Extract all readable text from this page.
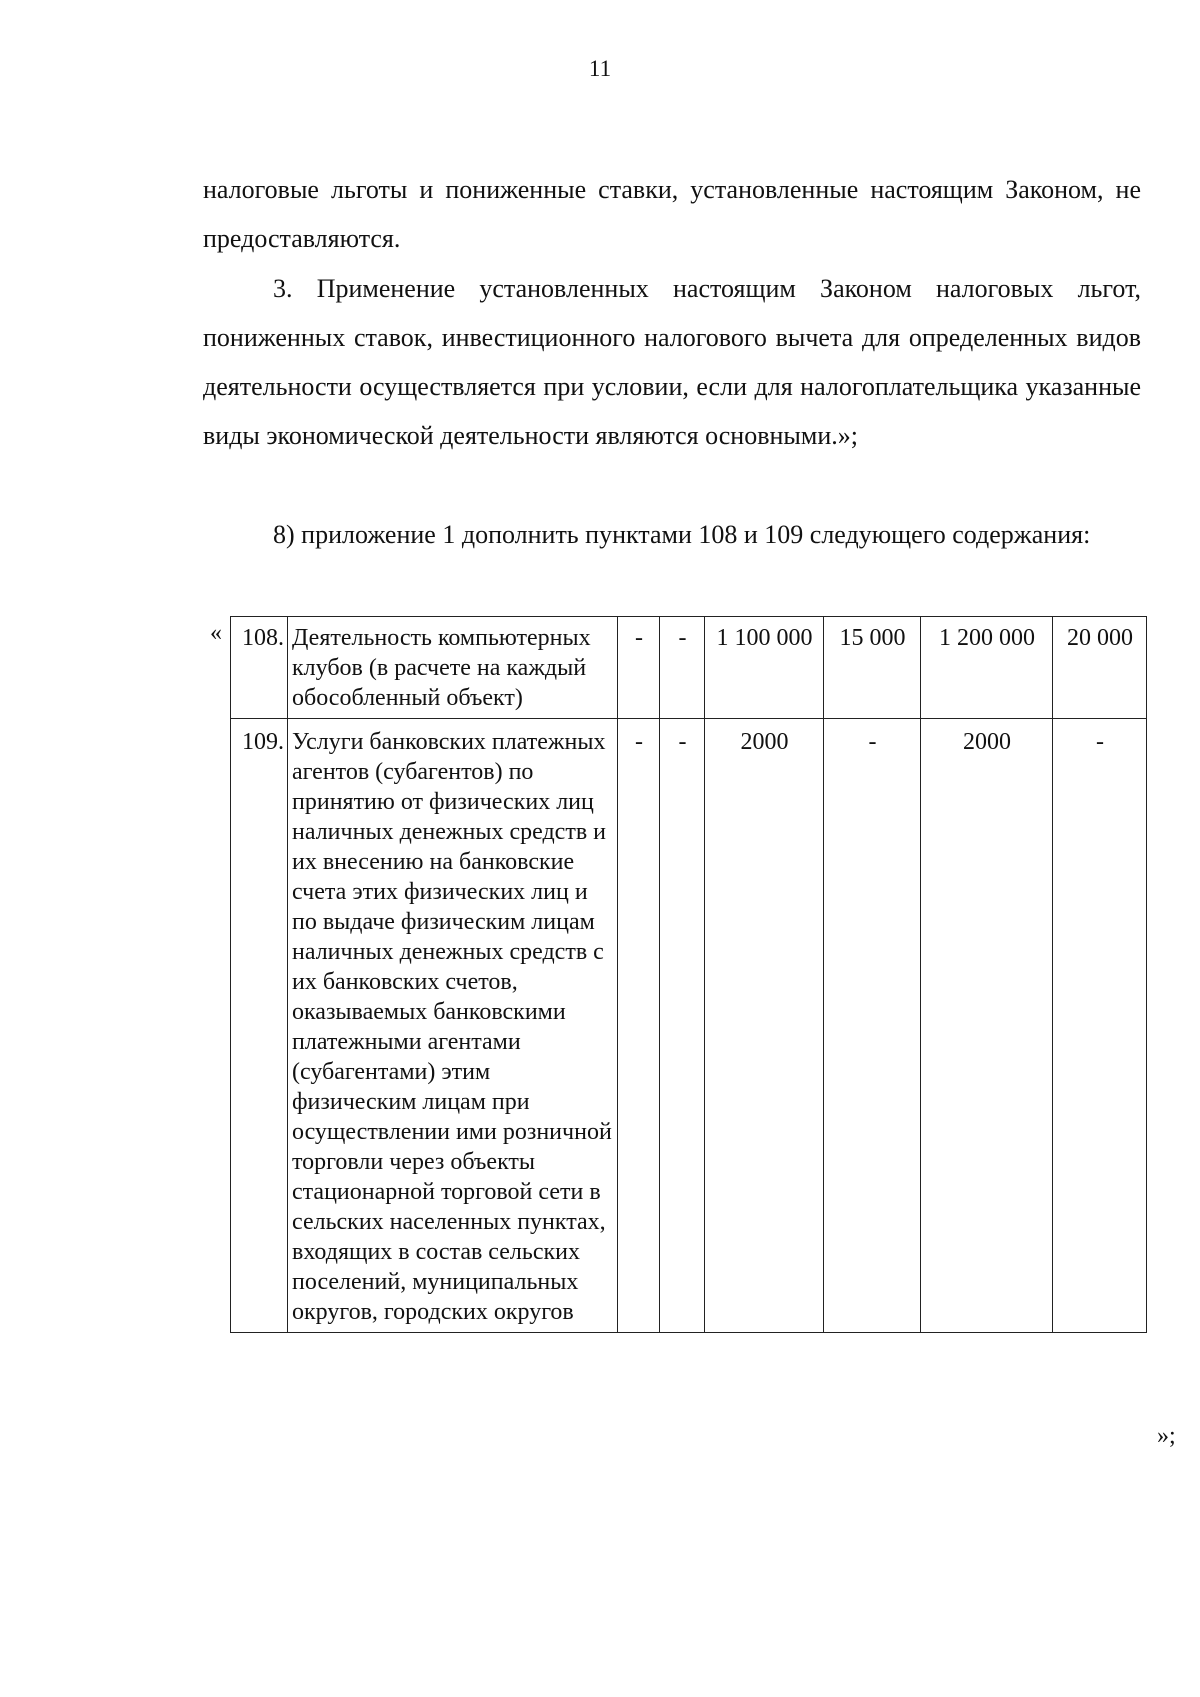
11
налоговые льготы и пониженные ставки, установленные настоящим Законом, не предоставляются.
3. Применение установленных настоящим Законом налоговых льгот, пониженных ставок, инвестиционного налогового вычета для определенных видов деятельности осуществляется при условии, если для налогоплательщика указанные виды экономической деятельности являются основными.»;
8) приложение 1 дополнить пунктами 108 и 109 следующего содержания:
« 108.	Деятельность компьютерных клубов (в расчете на каждый обособленный объект)	-	-	1 100 000	15 000	1 200 000	20 000
109.	Услуги банковских платежных агентов (субагентов) по принятию от физических лиц наличных денежных средств и их внесению на банковские счета этих физических лиц и по выдаче физическим лицам наличных денежных средств с их банковских счетов, оказываемых банковскими платежными агентами (субагентами) этим физическим лицам при осуществлении ими розничной торговли через объекты стационарной торговой сети в сельских населенных пунктах, входящих в состав сельских поселений, муниципальных округов, городских округов	-	-	2000	-	2000	-
»;
